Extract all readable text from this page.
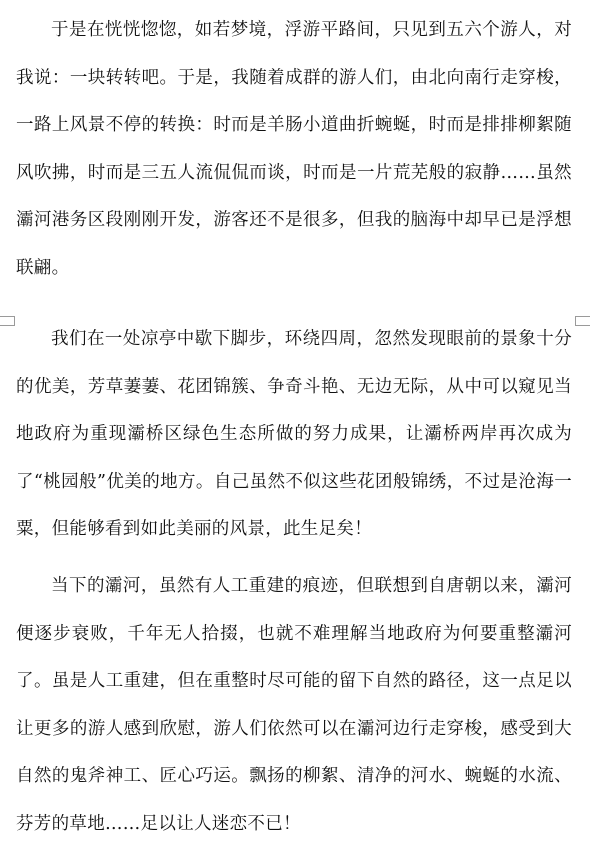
于是在恍恍惚惚，如若梦境，浮游平路间，只见到五六个游人，对我说：一块转转吧。于是，我随着成群的游人们，由北向南行走穿梭，一路上风景不停的转换：时而是羊肠小道曲折蜿蜒，时而是排排柳絮随风吹拂，时而是三五人流侃侃而谈，时而是一片荒芜般的寂静……虽然灞河港务区段刚刚开发，游客还不是很多，但我的脑海中却早已是浮想联翩。

我们在一处凉亭中歇下脚步，环绕四周，忽然发现眼前的景象十分的优美，芳草萋萋、花团锦簇、争奇斗艳、无边无际，从中可以窥见当地政府为重现灞桥区绿色生态所做的努力成果，让灞桥两岸再次成为了“桃园般”优美的地方。自己虽然不似这些花团般锦绣，不过是沧海一粟，但能够看到如此美丽的风景，此生足矣！

当下的灞河，虽然有人工重建的痕迹，但联想到自唐朝以来，灞河便逐步衰败，千年无人拾掇，也就不难理解当地政府为何要重整灞河了。虽是人工重建，但在重整时尽可能的留下自然的路径，这一点足以让更多的游人感到欣慰，游人们依然可以在灞河边行走穿梭，感受到大自然的鬼斧神工、匠心巧运。飘扬的柳絮、清净的河水、蜿蜒的水流、芬芳的草地……足以让人迷恋不已！
